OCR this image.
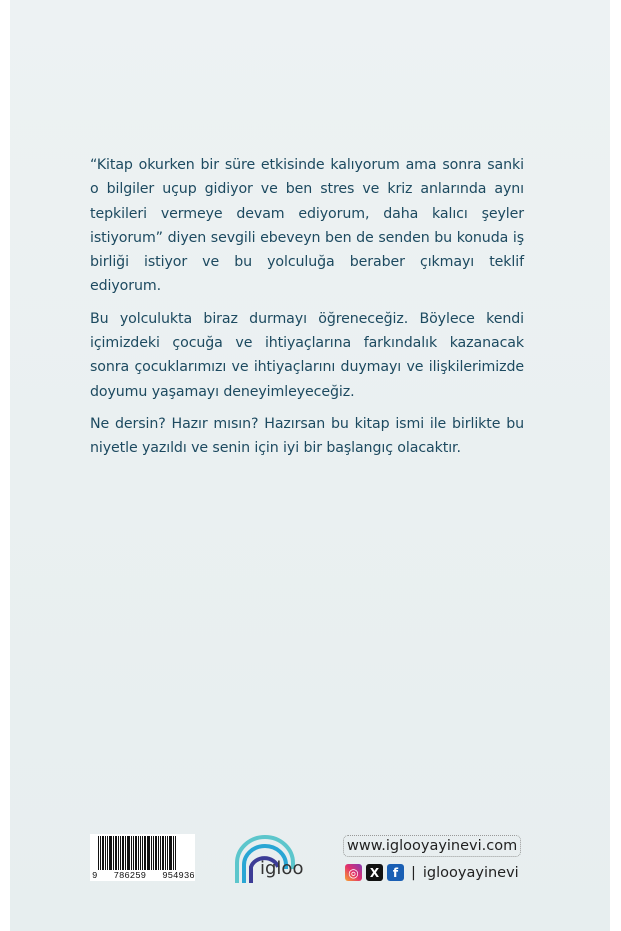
“Kitap okurken bir süre etkisinde kalıyorum ama sonra sanki o bilgiler uçup gidiyor ve ben stres ve kriz anlarında aynı tepkileri vermeye devam ediyorum, daha kalıcı şeyler istiyorum” diyen sevgili ebeveyn ben de senden bu konuda iş birliği istiyor ve bu yolculuğa beraber çıkmayı teklif ediyorum.

Bu yolculukta biraz durmayı öğreneceğiz. Böylece kendi içimizdeki çocuğa ve ihtiyaçlarına farkındalık kazanacak sonra çocuklarımızı ve ihtiyaçlarını duymayı ve ilişkilerimizde doyumu yaşamayı deneyimleyeceğiz.

Ne dersin? Hazır mısın? Hazırsan bu kitap ismi ile birlikte bu niyetle yazıldı ve senin için iyi bir başlangıç olacaktır.

9   786259   954936	igloo
www.iglooyayinevi.com
◎ X	f | iglooyayinevi
